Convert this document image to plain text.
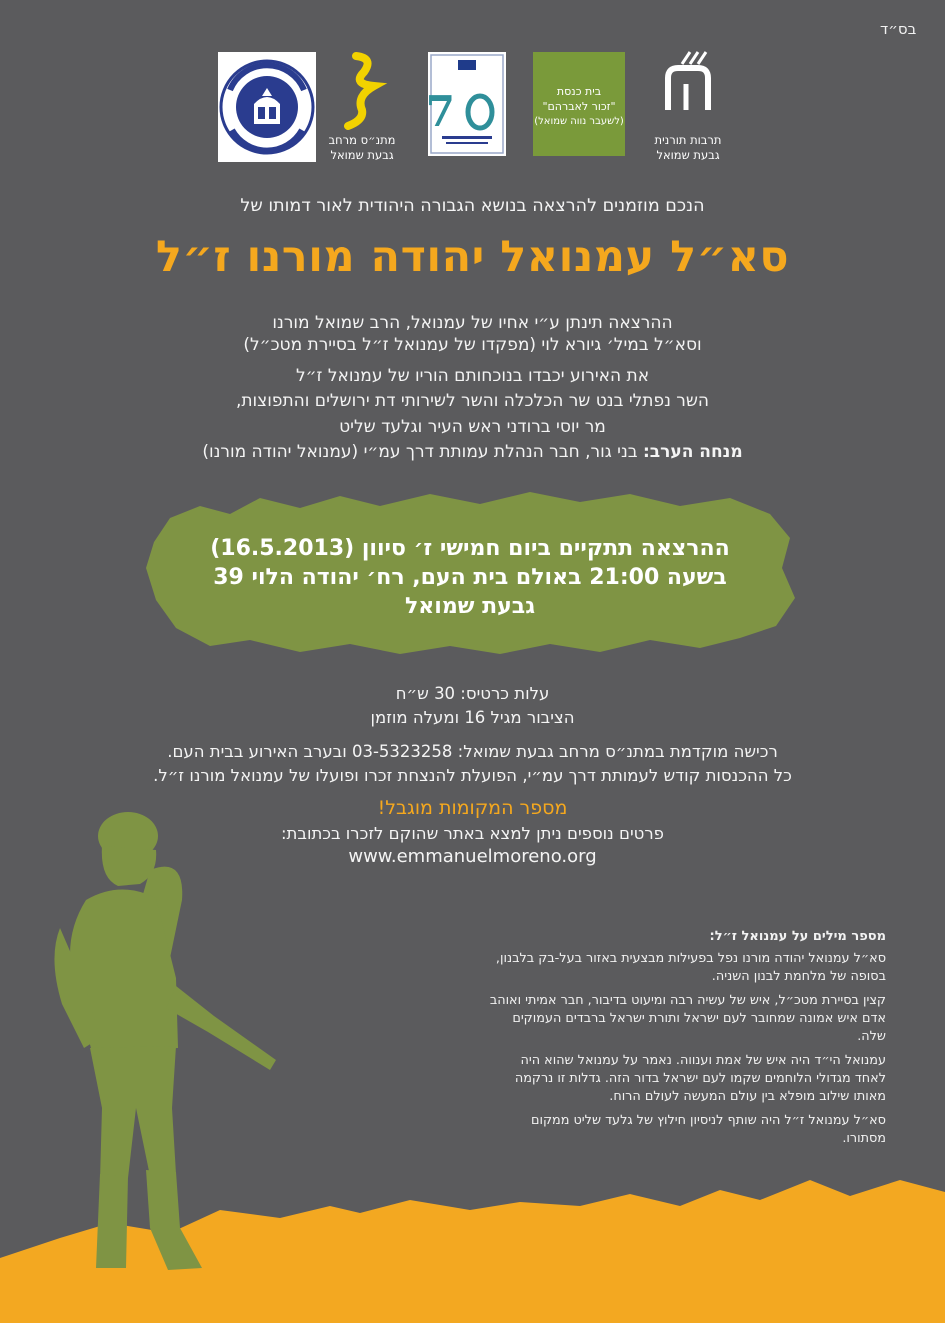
בס״ד
מתנ״ס מרחב
גבעת שמואל
7	בית כנסת
"זכור לאברהם"
(לשעבר נווה שמואל)
תרבות תורנית
גבעת שמואל
הנכם מוזמנים להרצאה בנושא הגבורה היהודית לאור דמותו של
סא״ל עמנואל יהודה מורנו ז״ל
ההרצאה תינתן ע״י אחיו של עמנואל, הרב שמואל מורנו
וסא״ל במיל׳ גיורא לוי (מפקדו של עמנואל ז״ל בסיירת מטכ״ל)
את האירוע יכבדו בנוכחותם הוריו של עמנואל ז״ל
השר נפתלי בנט שר הכלכלה והשר לשירותי דת ירושלים והתפוצות,
מר יוסי ברודני ראש העיר וגלעד שליט
מנחה הערב: בני גור, חבר הנהלת עמותת דרך עמ״י (עמנואל יהודה מורנו)
ההרצאה תתקיים ביום חמישי ז׳ סיוון (16.5.2013)
בשעה 21:00 באולם בית העם, רח׳ יהודה הלוי 39
גבעת שמואל
עלות כרטיס: 30 ש״ח
הציבור מגיל 16 ומעלה מוזמן
רכישה מוקדמת במתנ״ס מרחב גבעת שמואל: 03-5323258 ובערב האירוע בבית העם.
כל ההכנסות קודש לעמותת דרך עמ״י, הפועלת להנצחת זכרו ופועלו של עמנואל מורנו ז״ל.
מספר המקומות מוגבל!
פרטים נוספים ניתן למצא באתר שהוקם לזכרו בכתובת:
www.emmanuelmoreno.org
מספר מילים על עמנואל ז״ל:

סא״ל עמנואל יהודה מורנו נפל בפעילות מבצעית באזור בעל-בק בלבנון, בסופה של מלחמת לבנון השניה.

קצין בסיירת מטכ״ל, איש של עשיה רבה ומיעוט בדיבור, חבר אמיתי ואוהב אדם איש אמונה שמחובר לעם ישראל ותורת ישראל ברבדים העמוקים שלה.

עמנואל הי״ד היה איש של אמת וענווה. נאמר על עמנואל שהוא היה לאחד מגדולי הלוחמים שקמו לעם ישראל בדור הזה. גדלות זו נרקמה מאותו שילוב מופלא בין עולם המעשה לעולם הרוח.

סא״ל עמנואל ז״ל היה שותף לניסיון חילוץ של גלעד שליט ממקום מסתורו.
